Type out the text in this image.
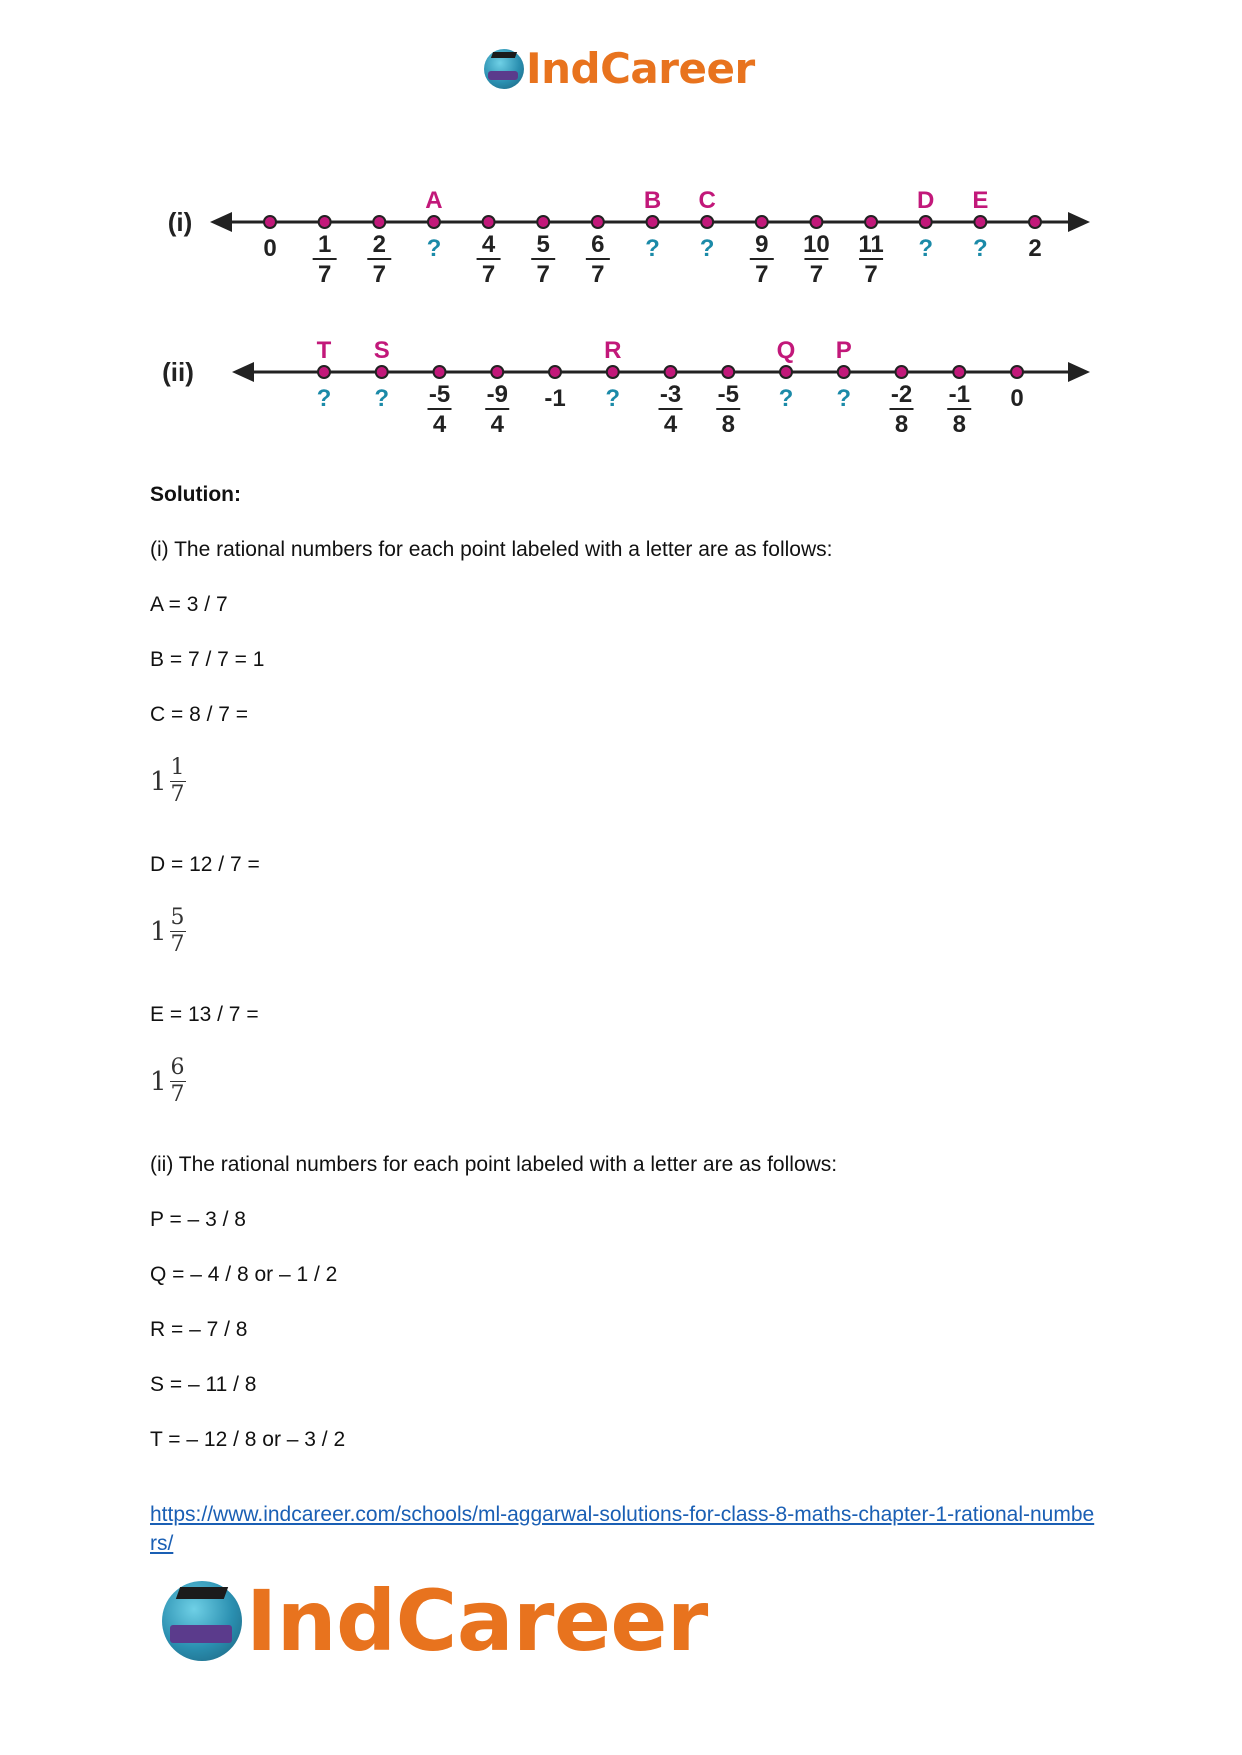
IndCareer
(i)
0 1
7
2
7
A
? 4
7
5
7
6
7
B
?
C
? 9
7
10
7
11
7
D
?
E
? 2
(ii)
T
?
S
? -5
4
-9
4
-1
R
? -3
4
-5
8
Q
?
P
? -2
8
-1
8
0
Solution:
(i) The rational numbers for each point labeled with a letter are as follows:
A = 3 / 7
B = 7 / 7 = 1
C = 8 / 7 =
$1 \frac{1}{7}$
D = 12 / 7 =
$1 \frac{5}{7}$
E = 13 / 7 =
$1 \frac{6}{7}$
(ii) The rational numbers for each point labeled with a letter are as follows:
P = – 3 / 8
Q = – 4 / 8 or – 1 / 2
R = – 7 / 8
S = – 11 / 8
T = – 12 / 8 or – 3 / 2
https://www.indcareer.com/schools/ml-aggarwal-solutions-for-class-8-maths-chapter-1-rational-numbers/
IndCareer
